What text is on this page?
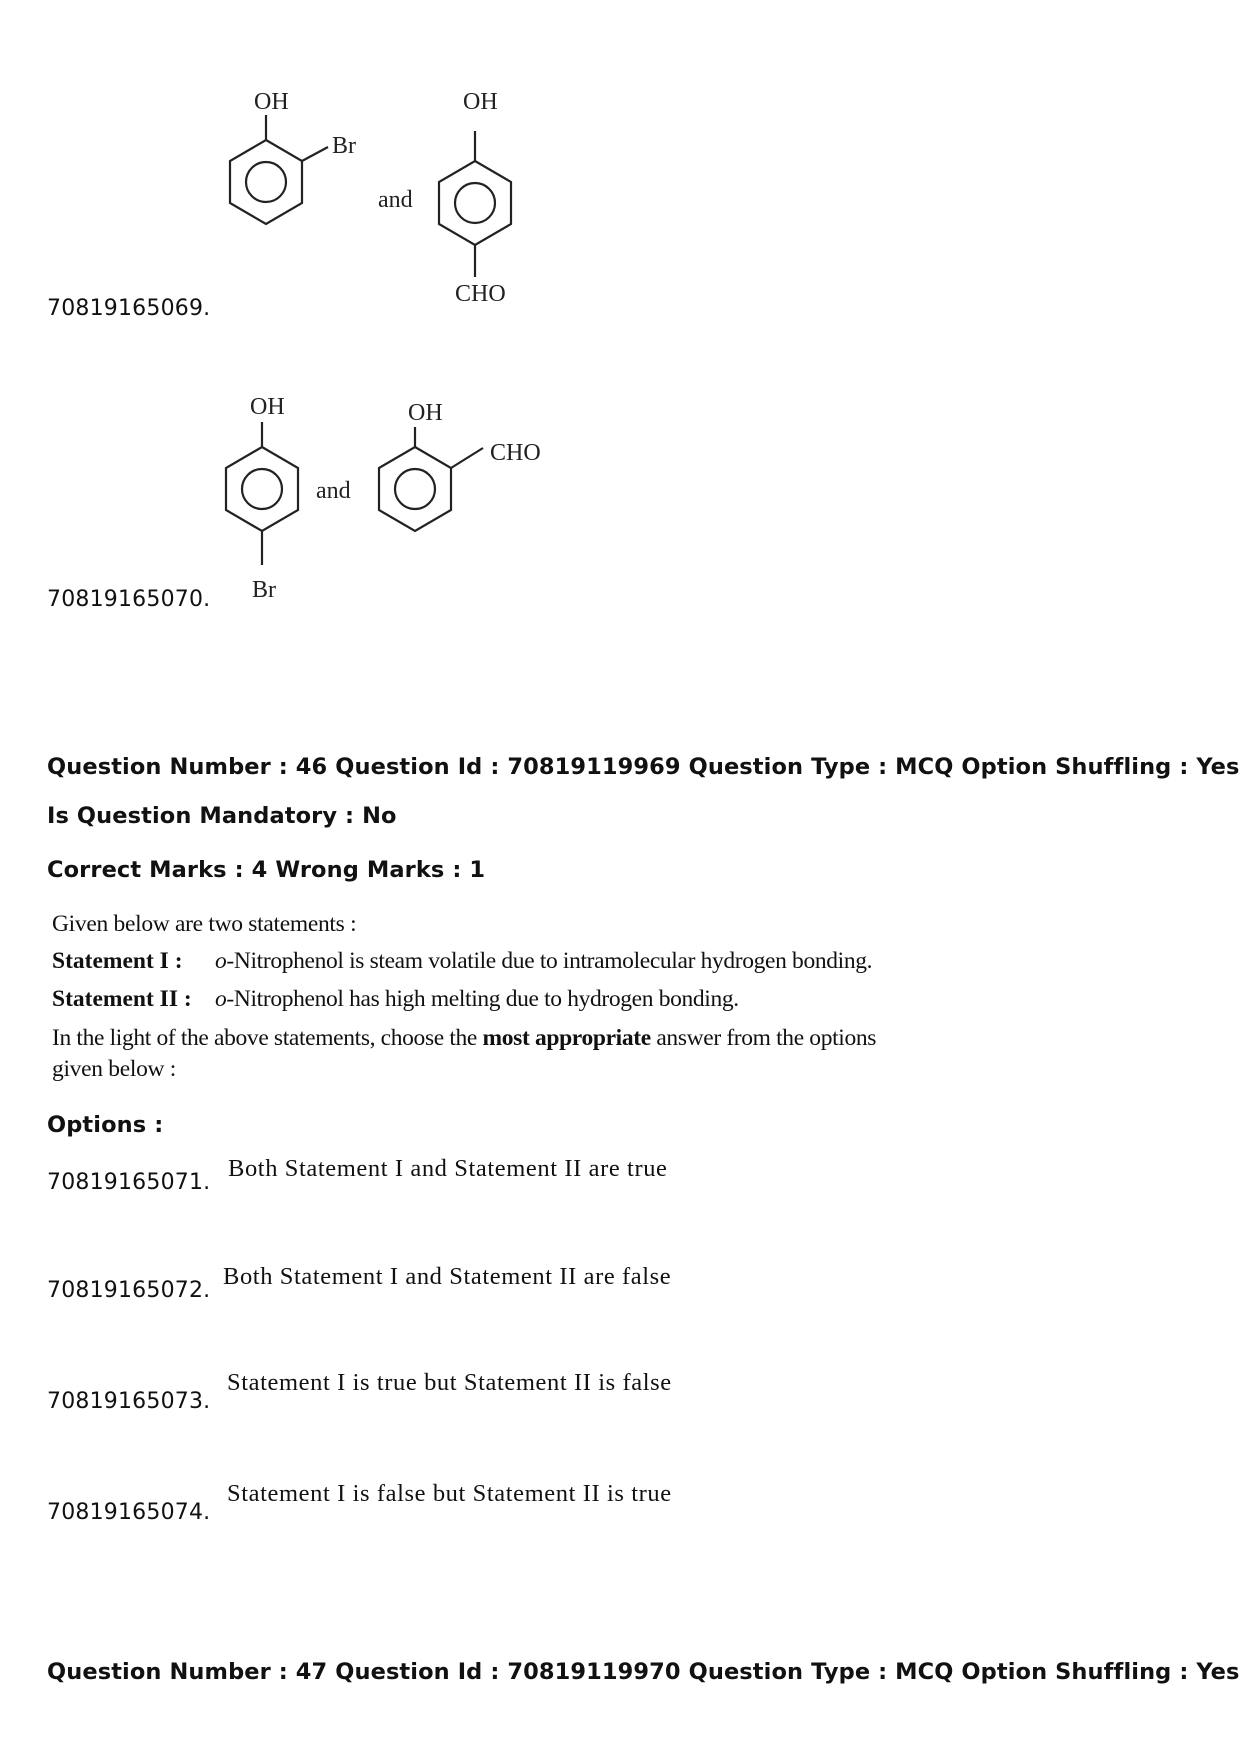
70819165069.
OH
Br
and
OH
CHO
70819165070.
OH
and
OH
CHO
Br
Question Number : 46 Question Id : 70819119969 Question Type : MCQ Option Shuffling : Yes
Is Question Mandatory : No
Correct Marks : 4 Wrong Marks : 1
Given below are two statements :
Statement I : o-Nitrophenol is steam volatile due to intramolecular hydrogen bonding.
Statement II : o-Nitrophenol has high melting due to hydrogen bonding.
In the light of the above statements, choose the most appropriate answer from the options
given below :
Options :
70819165071.
Both Statement I and Statement II are true
70819165072.
Both Statement I and Statement II are false
70819165073.
Statement I is true but Statement II is false
70819165074.
Statement I is false but Statement II is true
Question Number : 47 Question Id : 70819119970 Question Type : MCQ Option Shuffling : Yes
